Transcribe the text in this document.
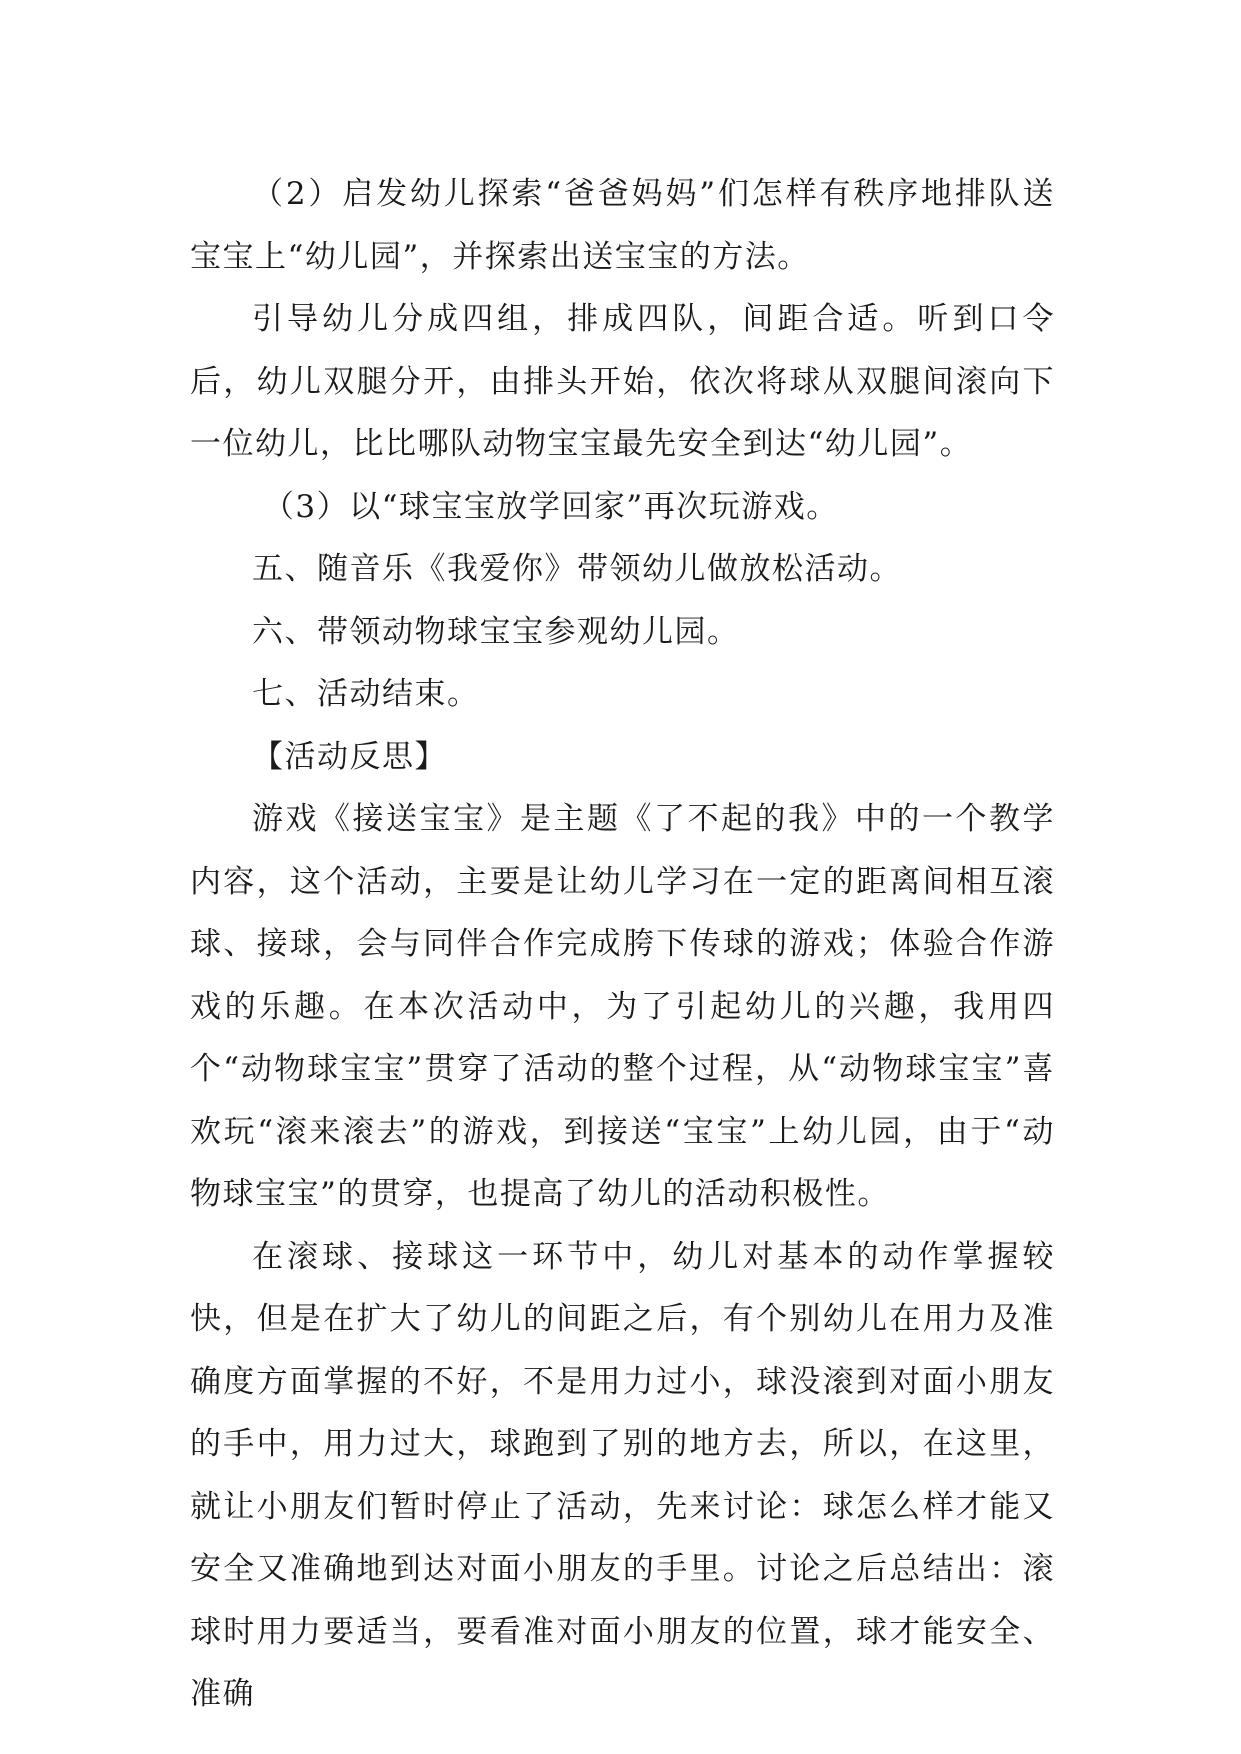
（2）启发幼儿探索“爸爸妈妈”们怎样有秩序地排队送宝宝上“幼儿园”，并探索出送宝宝的方法。

引导幼儿分成四组，排成四队，间距合适。听到口令后，幼儿双腿分开，由排头开始，依次将球从双腿间滚向下一位幼儿，比比哪队动物宝宝最先安全到达“幼儿园”。

（3）以“球宝宝放学回家”再次玩游戏。

五、随音乐《我爱你》带领幼儿做放松活动。

六、带领动物球宝宝参观幼儿园。

七、活动结束。

【活动反思】

游戏《接送宝宝》是主题《了不起的我》中的一个教学内容，这个活动，主要是让幼儿学习在一定的距离间相互滚球、接球，会与同伴合作完成胯下传球的游戏；体验合作游戏的乐趣。在本次活动中，为了引起幼儿的兴趣，我用四个“动物球宝宝”贯穿了活动的整个过程，从“动物球宝宝”喜欢玩“滚来滚去”的游戏，到接送“宝宝”上幼儿园，由于“动物球宝宝”的贯穿，也提高了幼儿的活动积极性。

在滚球、接球这一环节中，幼儿对基本的动作掌握较快，但是在扩大了幼儿的间距之后，有个别幼儿在用力及准确度方面掌握的不好，不是用力过小，球没滚到对面小朋友的手中，用力过大，球跑到了别的地方去，所以，在这里，就让小朋友们暂时停止了活动，先来讨论：球怎么样才能又安全又准确地到达对面小朋友的手里。讨论之后总结出：滚球时用力要适当，要看准对面小朋友的位置，球才能安全、准确
